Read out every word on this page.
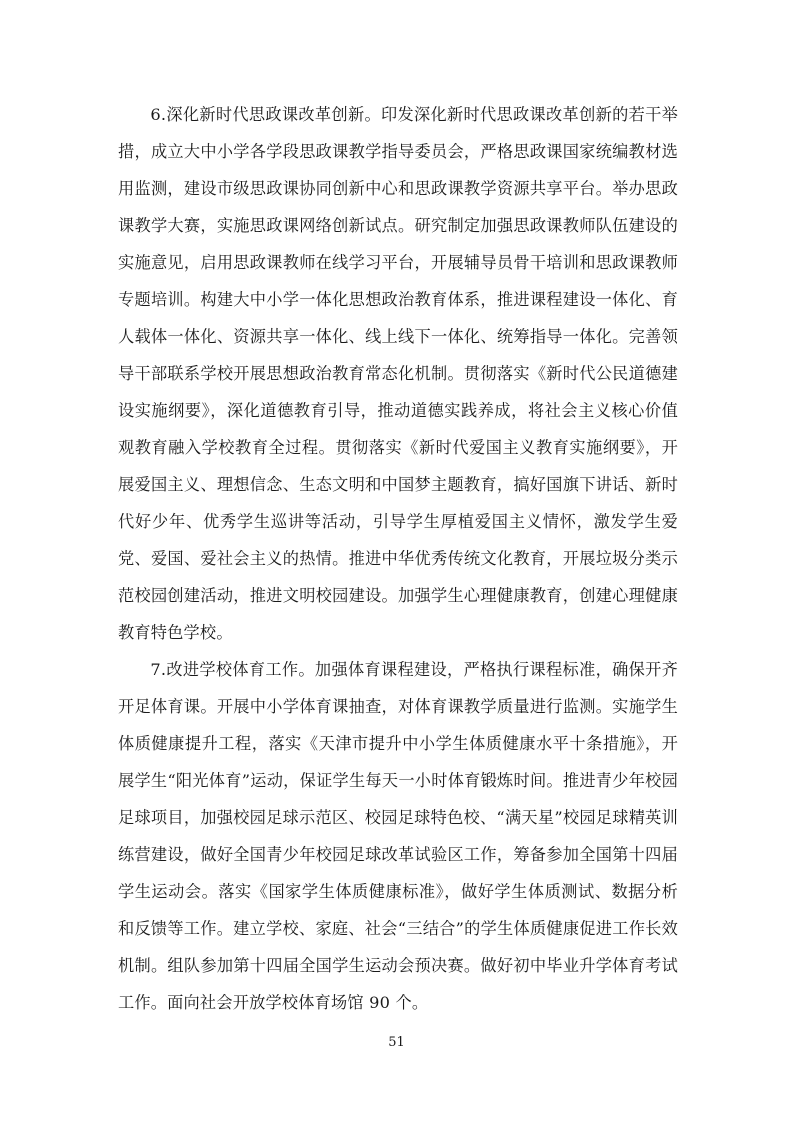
6.深化新时代思政课改革创新。印发深化新时代思政课改革创新的若干举措，成立大中小学各学段思政课教学指导委员会，严格思政课国家统编教材选用监测，建设市级思政课协同创新中心和思政课教学资源共享平台。举办思政课教学大赛，实施思政课网络创新试点。研究制定加强思政课教师队伍建设的实施意见，启用思政课教师在线学习平台，开展辅导员骨干培训和思政课教师专题培训。构建大中小学一体化思想政治教育体系，推进课程建设一体化、育人载体一体化、资源共享一体化、线上线下一体化、统筹指导一体化。完善领导干部联系学校开展思想政治教育常态化机制。贯彻落实《新时代公民道德建设实施纲要》，深化道德教育引导，推动道德实践养成，将社会主义核心价值观教育融入学校教育全过程。贯彻落实《新时代爱国主义教育实施纲要》，开展爱国主义、理想信念、生态文明和中国梦主题教育，搞好国旗下讲话、新时代好少年、优秀学生巡讲等活动，引导学生厚植爱国主义情怀，激发学生爱党、爱国、爱社会主义的热情。推进中华优秀传统文化教育，开展垃圾分类示范校园创建活动，推进文明校园建设。加强学生心理健康教育，创建心理健康教育特色学校。

7.改进学校体育工作。加强体育课程建设，严格执行课程标准，确保开齐开足体育课。开展中小学体育课抽查，对体育课教学质量进行监测。实施学生体质健康提升工程，落实《天津市提升中小学生体质健康水平十条措施》，开展学生“阳光体育”运动，保证学生每天一小时体育锻炼时间。推进青少年校园足球项目，加强校园足球示范区、校园足球特色校、“满天星”校园足球精英训练营建设，做好全国青少年校园足球改革试验区工作，筹备参加全国第十四届学生运动会。落实《国家学生体质健康标准》，做好学生体质测试、数据分析和反馈等工作。建立学校、家庭、社会“三结合”的学生体质健康促进工作长效机制。组队参加第十四届全国学生运动会预决赛。做好初中毕业升学体育考试工作。面向社会开放学校体育场馆 90 个。

51
